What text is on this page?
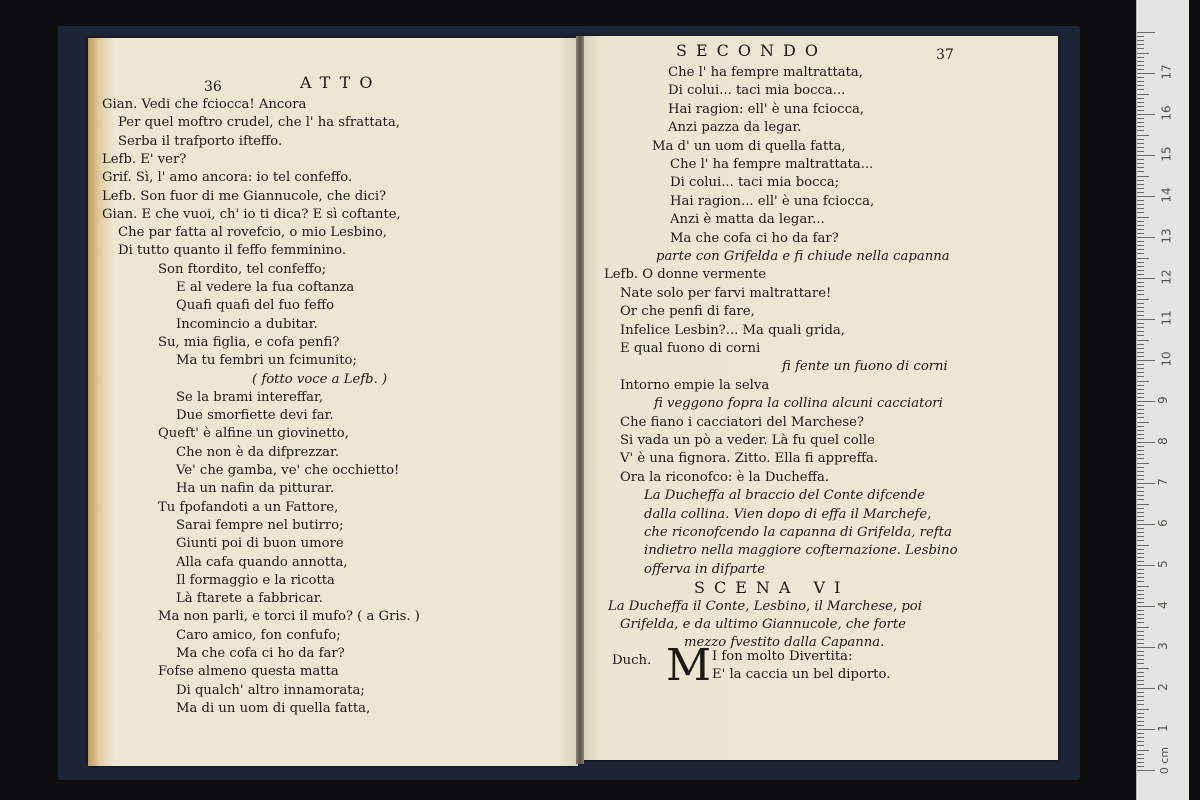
36	ATTO
Gian. Vedi che fciocca! Ancora
Per quel moftro crudel, che l' ha sfrattata,
Serba il trafporto ifteffo.
Lefb. E' ver?
Grif. Sì, l' amo ancora: io tel confeffo.
Lefb. Son fuor di me Giannucole, che dici?
Gian. E che vuoi, ch' io ti dica? E sì coftante,
Che par fatta al rovefcio, o mio Lesbino,
Di tutto quanto il feffo femminino.
Son ftordito, tel confeffo;
E al vedere la fua coftanza
Quafi quafi del fuo feffo
Incomincio a dubitar.
Su, mia figlia, e cofa penfi?
Ma tu fembri un fcimunito;
( fotto voce a Lefb. )
Se la brami intereffar,
Due smorfiette devi far.
Queft' è alfine un giovinetto,
Che non è da difprezzar.
Ve' che gamba, ve' che occhietto!
Ha un nafin da pitturar.
Tu fpofandoti a un Fattore,
Sarai fempre nel butirro;
Giunti poi di buon umore
Alla cafa quando annotta,
Il formaggio e la ricotta
Là ftarete a fabbricar.
Ma non parli, e torci il mufo? ( a Gris. )
Caro amico, fon confufo;
Ma che cofa ci ho da far?
Fofse almeno questa matta
Di qualch' altro innamorata;
Ma di un uom di quella fatta,
SECONDO	37
Che l' ha fempre maltrattata,
Di colui... taci mia bocca...
Hai ragion: ell' è una fciocca,
Anzi pazza da legar.
Ma d' un uom di quella fatta,
Che l' ha fempre maltrattata...
Di colui... taci mia bocca;
Hai ragion... ell' è una fciocca,
Anzi è matta da legar...
Ma che cofa ci ho da far?
parte con Grifelda e fi chiude nella capanna
Lefb. O donne vermente
Nate solo per farvi maltrattare!
Or che penfi di fare,
Infelice Lesbin?... Ma quali grida,
E qual fuono di corni
fi fente un fuono di corni
Intorno empie la selva
fi veggono fopra la collina alcuni cacciatori
Che fiano i cacciatori del Marchese?
Si vada un pò a veder. Là fu quel colle
V' è una fignora. Zitto. Ella fi appreffa.
Ora la riconofco: è la Ducheffa.
La Ducheffa al braccio del Conte difcende
dalla collina. Vien dopo di effa il Marchefe,
che riconofcendo la capanna di Grifelda, refta
indietro nella maggiore cofternazione. Lesbino
offerva in difparte
SCENA VI
La Ducheffa il Conte, Lesbino, il Marchese, poi
Grifelda, e da ultimo Giannucole, che forte
mezzo fvestito dalla Capanna.
Duch. M I fon molto Divertita:
E' la caccia un bel diporto.
17
16
15
14
13
12
11
10
9
8
7
6
5
4
3
2
1
0 cm
